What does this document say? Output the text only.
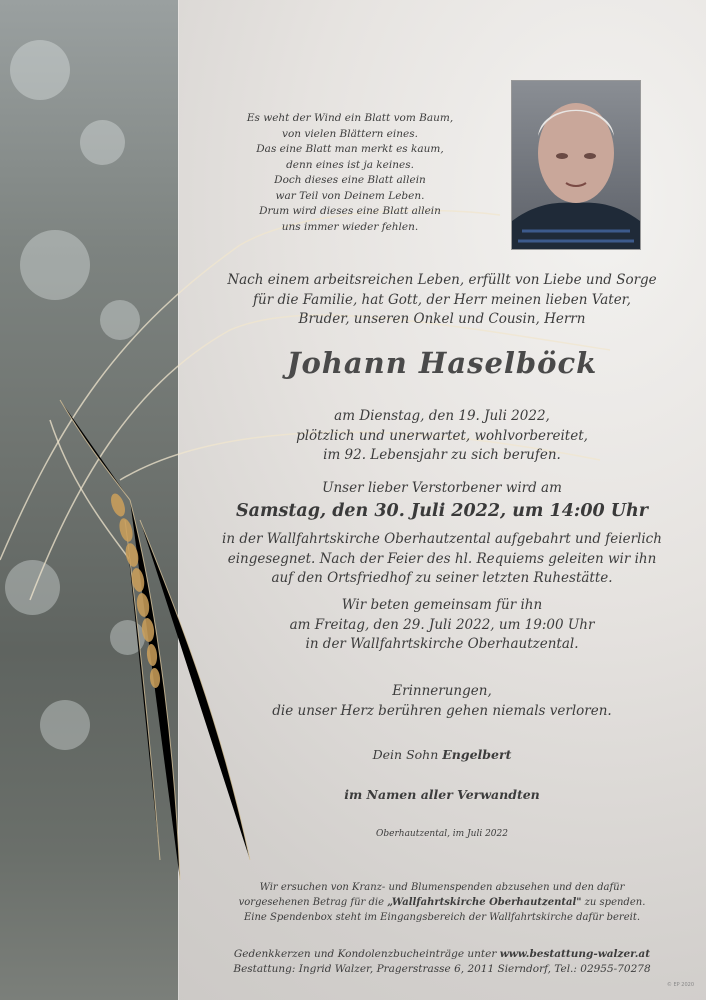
Es weht der Wind ein Blatt vom Baum,
von vielen Blättern eines.
Das eine Blatt man merkt es kaum,
denn eines ist ja keines.
Doch dieses eine Blatt allein
war Teil von Deinem Leben.
Drum wird dieses eine Blatt allein
uns immer wieder fehlen.
Nach einem arbeitsreichen Leben, erfüllt von Liebe und Sorge
für die Familie, hat Gott, der Herr meinen lieben Vater,
Bruder, unseren Onkel und Cousin, Herrn
Johann Haselböck
am Dienstag, den 19. Juli 2022,
plötzlich und unerwartet, wohlvorbereitet,
im 92. Lebensjahr zu sich berufen.
Unser lieber Verstorbener wird am
Samstag, den 30. Juli 2022, um 14:00 Uhr
in der Wallfahrtskirche Oberhautzental aufgebahrt und feierlich
eingesegnet. Nach der Feier des hl. Requiems geleiten wir ihn
auf den Ortsfriedhof zu seiner letzten Ruhestätte.
Wir beten gemeinsam für ihn
am Freitag, den 29. Juli 2022, um 19:00 Uhr
in der Wallfahrtskirche Oberhautzental.
Erinnerungen,
die unser Herz berühren gehen niemals verloren.
Dein Sohn Engelbert
im Namen aller Verwandten
Oberhautzental, im Juli 2022
Wir ersuchen von Kranz- und Blumenspenden abzusehen und den dafür
vorgesehenen Betrag für die „Wallfahrtskirche Oberhautzental" zu spenden.
Eine Spendenbox steht im Eingangsbereich der Wallfahrtskirche dafür bereit.
Gedenkkerzen und Kondolenzbucheinträge unter www.bestattung-walzer.at
Bestattung: Ingrid Walzer, Pragerstrasse 6, 2011 Sierndorf, Tel.: 02955-70278
© EP 2020
